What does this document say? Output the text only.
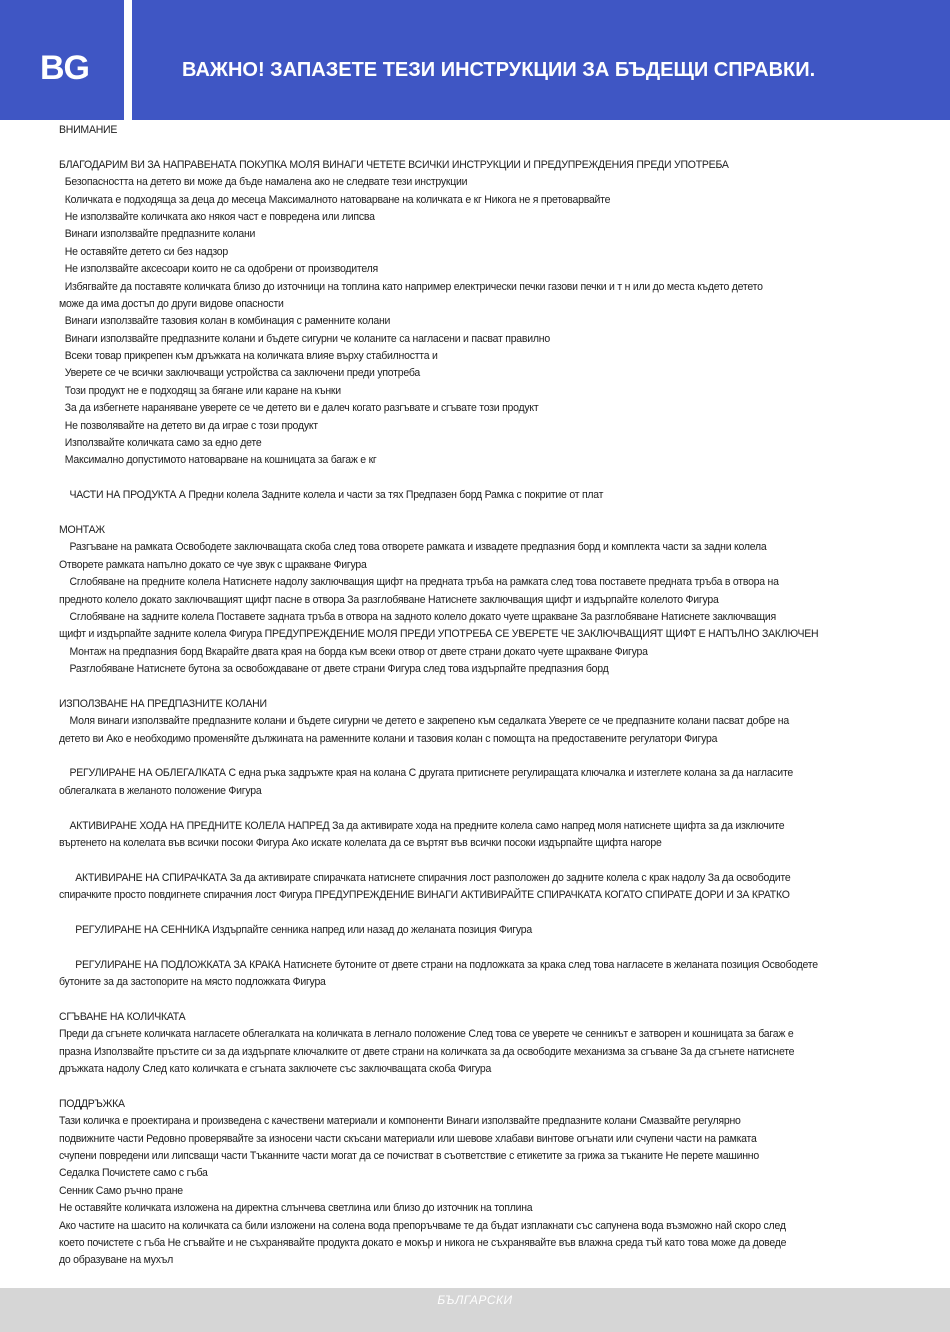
BG	ВАЖНО! ЗАПАЗЕТЕ ТЕЗИ ИНСТРУКЦИИ ЗА БЪДЕЩИ СПРАВКИ.
ВНИМАНИЕ
БЛАГОДАРИМ ВИ ЗА НАПРАВЕНАТА ПОКУПКА МОЛЯ ВИНАГИ ЧЕТЕТЕ ВСИЧКИ ИНСТРУКЦИИ И ПРЕДУПРЕЖДЕНИЯ ПРЕДИ УПОТРЕБА
Безопасността на детето ви може да бъде намалена ако не следвате тези инструкции
Количката е подходяща за деца до месеца Максималното натоварване на количката е кг Никога не я претоварвайте
Не използвайте количката ако някоя част е повредена или липсва
Винаги използвайте предпазните колани
Не оставяйте детето си без надзор
Не използвайте аксесоари които не са одобрени от производителя
Избягвайте да поставяте количката близо до източници на топлина като например електрически печки газови печки и т н или до места където детето
може да има достъп до други видове опасности
Винаги използвайте тазовия колан в комбинация с раменните колани
Винаги използвайте предпазните колани и бъдете сигурни че коланите са нагласени и пасват правилно
Всеки товар прикрепен към дръжката на количката влияе върху стабилността и
Уверете се че всички заключващи устройства са заключени преди употреба
Този продукт не е подходящ за бягане или каране на кънки
За да избегнете нараняване уверете се че детето ви е далеч когато разгъвате и сгъвате този продукт
Не позволявайте на детето ви да играе с този продукт
Използвайте количката само за едно дете
Максимално допустимото натоварване на кошницата за багаж е кг
ЧАСТИ НА ПРОДУКТА А Предни колела Задните колела и части за тях Предпазен борд Рамка с покритие от плат
МОНТАЖ
Разгъване на рамката Освободете заключващата скоба след това отворете рамката и извадете предпазния борд и комплекта части за задни колела
Отворете рамката напълно докато се чуе звук с щракване Фигура
Сглобяване на предните колела Натиснете надолу заключващия щифт на предната тръба на рамката след това поставете предната тръба в отвора на
предното колело докато заключващият щифт пасне в отвора За разглобяване Натиснете заключващия щифт и издърпайте колелото Фигура
Сглобяване на задните колела Поставете задната тръба в отвора на задното колело докато чуете щракване За разглобяване Натиснете заключващия
щифт и издърпайте задните колела Фигура ПРЕДУПРЕЖДЕНИЕ МОЛЯ ПРЕДИ УПОТРЕБА СЕ УВЕРЕТЕ ЧЕ ЗАКЛЮЧВАЩИЯТ ЩИФТ Е НАПЪЛНО ЗАКЛЮЧЕН
Монтаж на предпазния борд Вкарайте двата края на борда към всеки отвор от двете страни докато чуете щракване Фигура
Разглобяване Натиснете бутона за освобождаване от двете страни Фигура след това издърпайте предпазния борд
ИЗПОЛЗВАНЕ НА ПРЕДПАЗНИТЕ КОЛАНИ
Моля винаги използвайте предпазните колани и бъдете сигурни че детето е закрепено към седалката Уверете се че предпазните колани пасват добре на
детето ви Ако е необходимо променяйте дължината на раменните колани и тазовия колан с помощта на предоставените регулатори Фигура
РЕГУЛИРАНЕ НА ОБЛЕГАЛКАТА С една ръка задръжте края на колана С другата притиснете регулиращата ключалка и изтеглете колана за да нагласите
облегалката в желаното положение Фигура
АКТИВИРАНЕ ХОДА НА ПРЕДНИТЕ КОЛЕЛА НАПРЕД За да активирате хода на предните колела само напред моля натиснете щифта за да изключите
въртенето на колелата във всички посоки Фигура Ако искате колелата да се въртят във всички посоки издърпайте щифта нагоре
АКТИВИРАНЕ НА СПИРАЧКАТА За да активирате спирачката натиснете спирачния лост разположен до задните колела с крак надолу За да освободите
спирачките просто повдигнете спирачния лост Фигура ПРЕДУПРЕЖДЕНИЕ ВИНАГИ АКТИВИРАЙТЕ СПИРАЧКАТА КОГАТО СПИРАТЕ ДОРИ И ЗА КРАТКО
РЕГУЛИРАНЕ НА СЕННИКА Издърпайте сенника напред или назад до желаната позиция Фигура
РЕГУЛИРАНЕ НА ПОДЛОЖКАТА ЗА КРАКА Натиснете бутоните от двете страни на подложката за крака след това нагласете в желаната позиция Освободете
бутоните за да застопорите на място подложката Фигура
СГЪВАНЕ НА КОЛИЧКАТА
Преди да сгънете количката нагласете облегалката на количката в легнало положение След това се уверете че сенникът е затворен и кошницата за багаж е
празна Използвайте пръстите си за да издърпате ключалките от двете страни на количката за да освободите механизма за сгъване За да сгънете натиснете
дръжката надолу След като количката е сгъната заключете със заключващата скоба Фигура
ПОДДРЪЖКА
Тази количка е проектирана и произведена с качествени материали и компоненти Винаги използвайте предпазните колани Смазвайте регулярно
подвижните части Редовно проверявайте за износени части скъсани материали или шевове хлабави винтове огънати или счупени части на рамката
счупени повредени или липсващи части Тъканните части могат да се почистват в съответствие с етикетите за грижа за тъканите Не перете машинно
Седалка Почистете само с гъба
Сенник Само ръчно пране
Не оставяйте количката изложена на директна слънчева светлина или близо до източник на топлина
Ако частите на шасито на количката са били изложени на солена вода препоръчваме те да бъдат изплакнати със сапунена вода възможно най скоро след
което почистете с гъба Не сгъвайте и не съхранявайте продукта докато е мокър и никога не съхранявайте във влажна среда тъй като това може да доведе
до образуване на мухъл
БЪЛГАРСКИ
